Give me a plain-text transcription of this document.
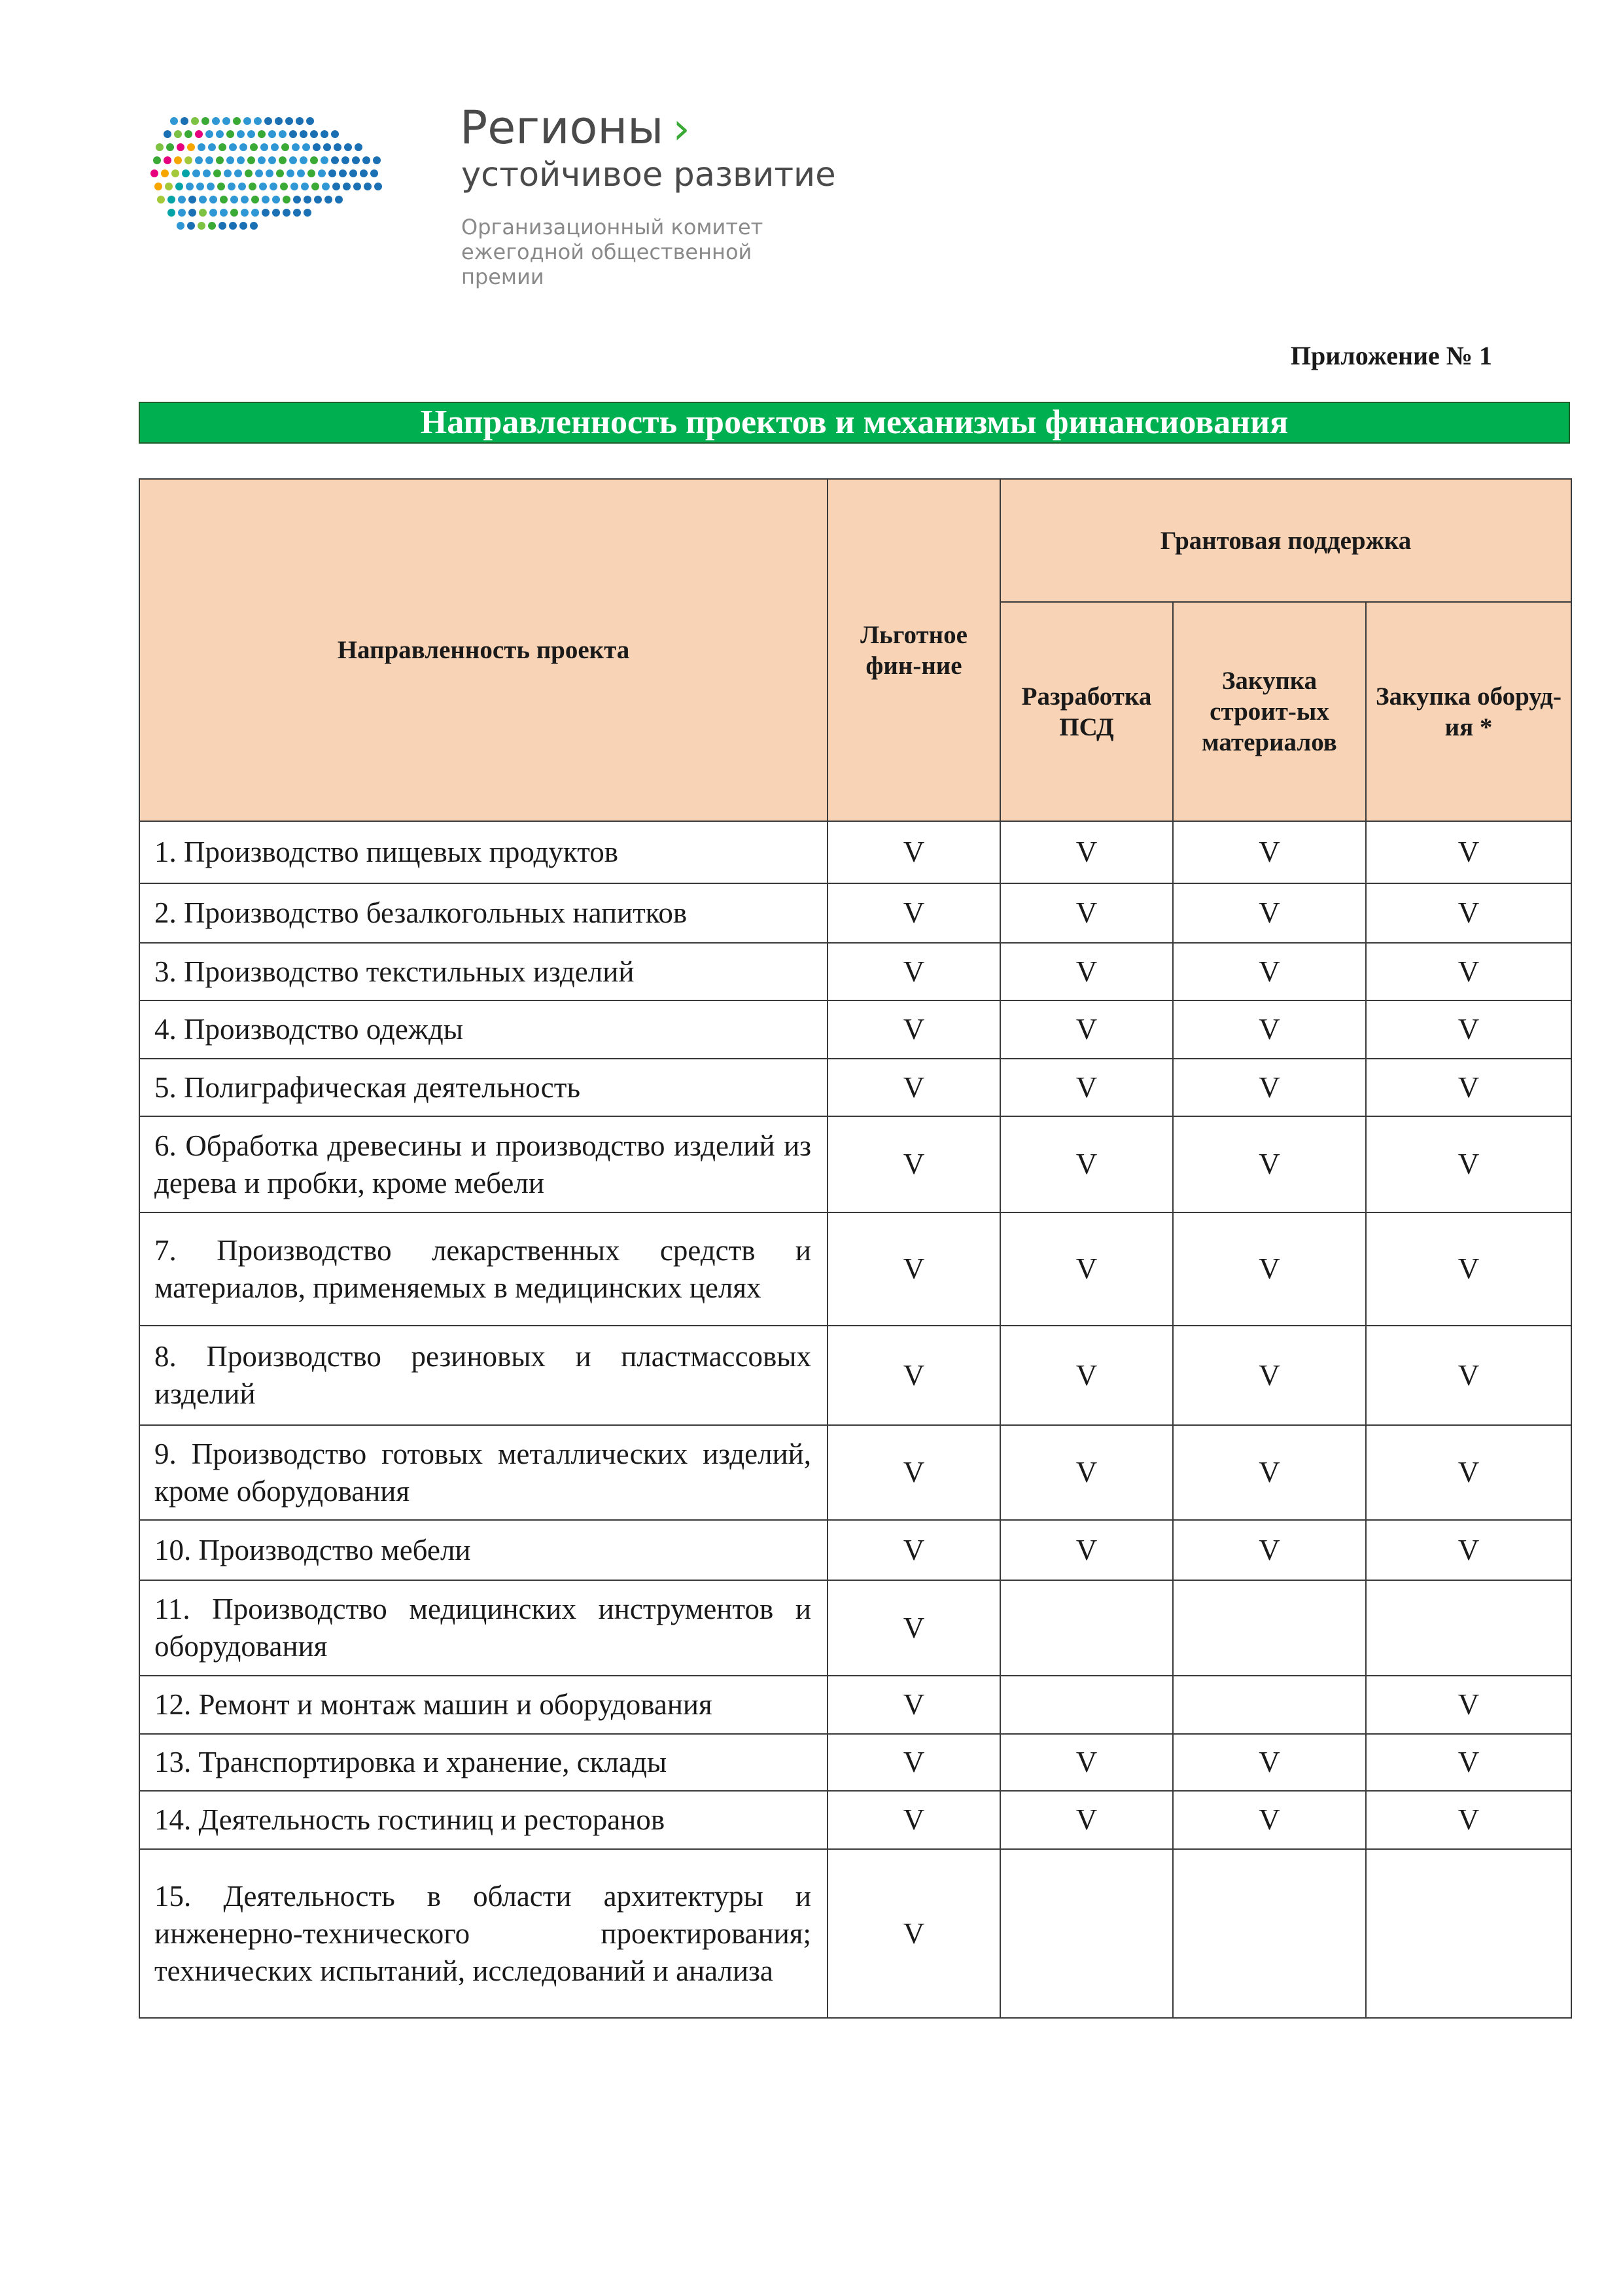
Регионы ›
устойчивое развитие
Организационный комитет
ежегодной общественной
премии
Приложение № 1
Направленность проектов и механизмы финансиования
Направленность проекта	Льготное фин-ние	Грантовая поддержка		
		Разработка ПСД	Закупка строит-ых материалов	Закупка оборуд-ия *
1. Производство пищевых продуктов	V	V	V	V
2. Производство безалкогольных напитков	V	V	V	V
3. Производство текстильных изделий	V	V	V	V
4. Производство одежды	V	V	V	V
5. Полиграфическая деятельность	V	V	V	V
6. Обработка древесины и производство изделий из дерева и пробки, кроме мебели	V	V	V	V
7. Производство лекарственных средств и материалов, применяемых в медицинских целях	V	V	V	V
8. Производство резиновых и пластмассовых изделий	V	V	V	V
9. Производство готовых металлических изделий, кроме оборудования	V	V	V	V
10. Производство мебели	V	V	V	V
11. Производство медицинских инструментов и оборудования	V			
12. Ремонт и монтаж машин и оборудования	V			V
13. Транспортировка и хранение, склады	V	V	V	V
14. Деятельность гостиниц и ресторанов	V	V	V	V
15. Деятельность в области архитектуры и инженерно-технического проектирования; технических испытаний, исследований и анализа	V			
